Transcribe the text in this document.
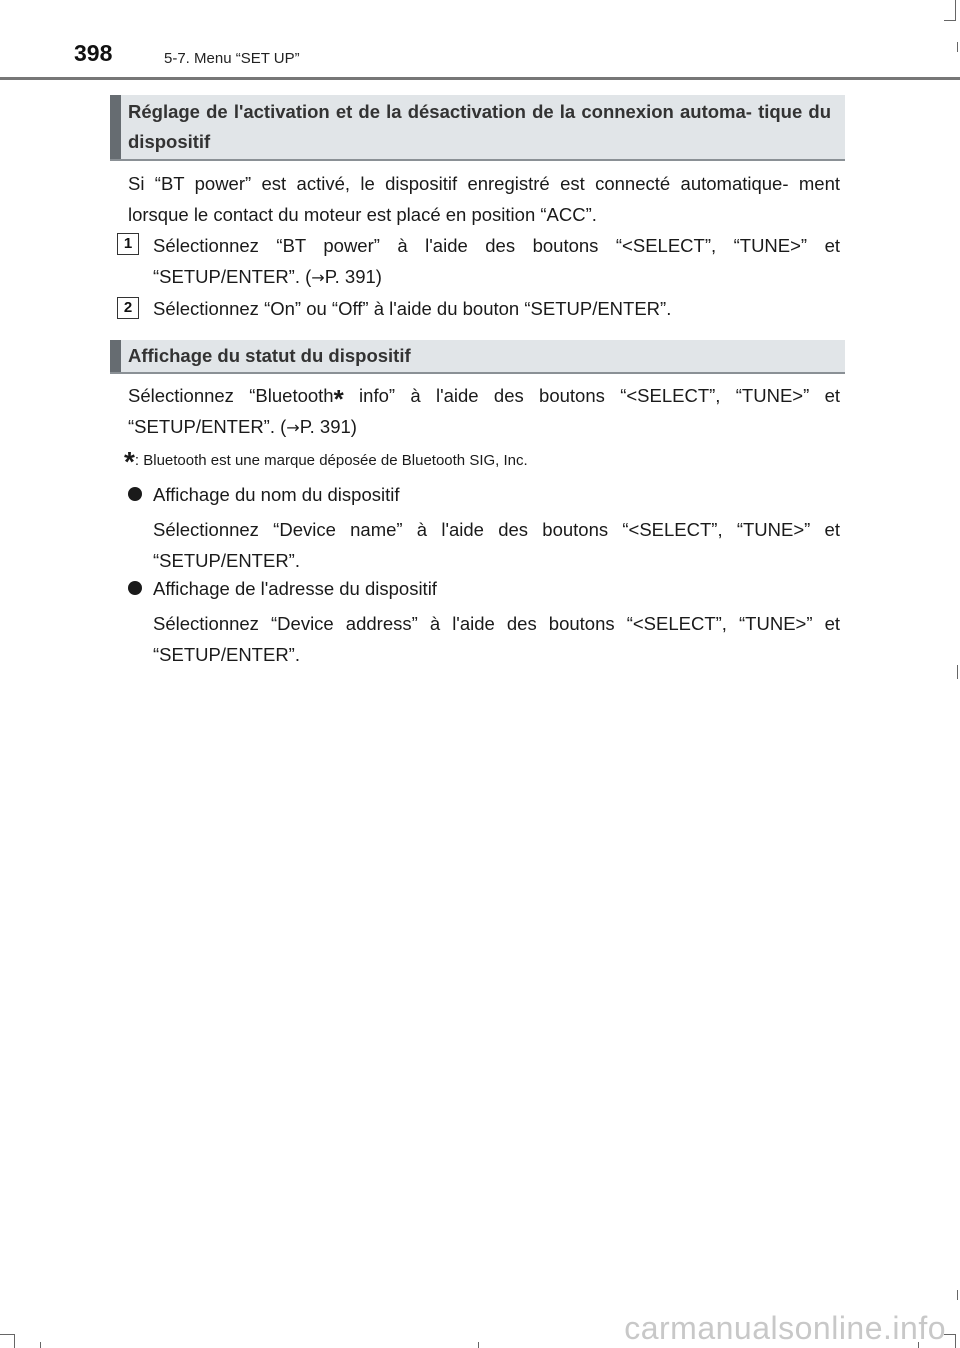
398	5-7. Menu “SET UP”
Réglage de l'activation et de la désactivation de la connexion automa- tique du dispositif
Si “BT power” est activé, le dispositif enregistré est connecté automatique- ment lorsque le contact du moteur est placé en position “ACC”.
1	Sélectionnez “BT power” à l'aide des boutons “<SELECT”, “TUNE>” et “SETUP/ENTER”. (→P. 391)
2	Sélectionnez “On” ou “Off” à l'aide du bouton “SETUP/ENTER”.
Affichage du statut du dispositif
Sélectionnez “Bluetooth* info” à l'aide des boutons “<SELECT”, “TUNE>” et “SETUP/ENTER”. (→P. 391)
*: Bluetooth est une marque déposée de Bluetooth SIG, Inc.
Affichage du nom du dispositif
Sélectionnez “Device name” à l'aide des boutons “<SELECT”, “TUNE>” et “SETUP/ENTER”.
Affichage de l'adresse du dispositif
Sélectionnez “Device address” à l'aide des boutons “<SELECT”, “TUNE>” et “SETUP/ENTER”.
carmanualsonline.info
